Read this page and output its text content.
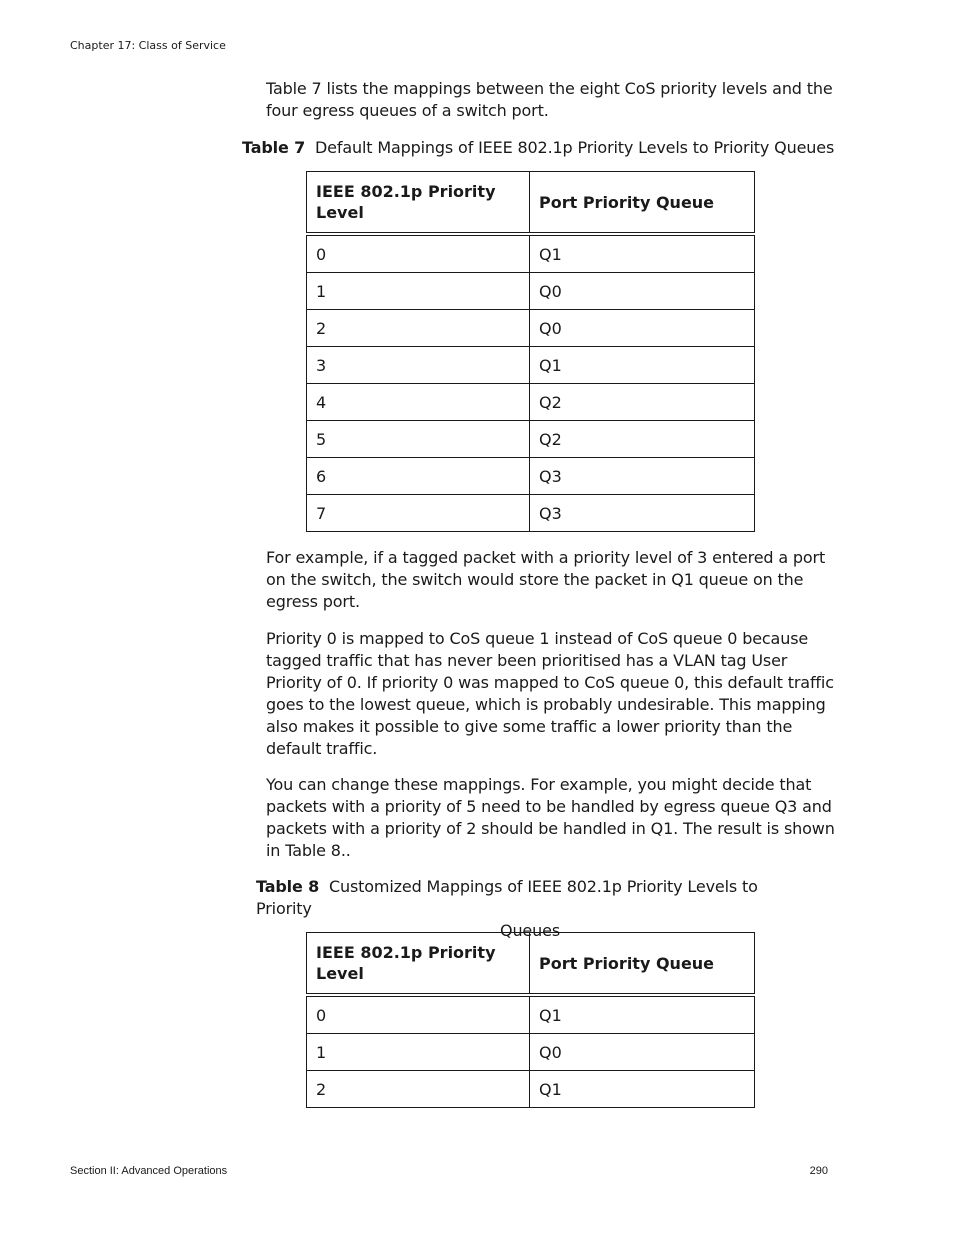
Chapter 17: Class of Service

Table 7 lists the mappings between the eight CoS priority levels and the four egress queues of a switch port.

Table 7 Default Mappings of IEEE 802.1p Priority Levels to Priority Queues
IEEE 802.1p Priority Level	Port Priority Queue
0	Q1
1	Q0
2	Q0
3	Q1
4	Q2
5	Q2
6	Q3
7	Q3

For example, if a tagged packet with a priority level of 3 entered a port on the switch, the switch would store the packet in Q1 queue on the egress port.

Priority 0 is mapped to CoS queue 1 instead of CoS queue 0 because tagged traffic that has never been prioritised has a VLAN tag User Priority of 0. If priority 0 was mapped to CoS queue 0, this default traffic goes to the lowest queue, which is probably undesirable. This mapping also makes it possible to give some traffic a lower priority than the default traffic.

You can change these mappings. For example, you might decide that packets with a priority of 5 need to be handled by egress queue Q3 and packets with a priority of 2 should be handled in Q1. The result is shown in Table 8..

Table 8 Customized Mappings of IEEE 802.1p Priority Levels to Priority
Queues
IEEE 802.1p Priority Level	Port Priority Queue
0	Q1
1	Q0
2	Q1
Section II: Advanced Operations	290
